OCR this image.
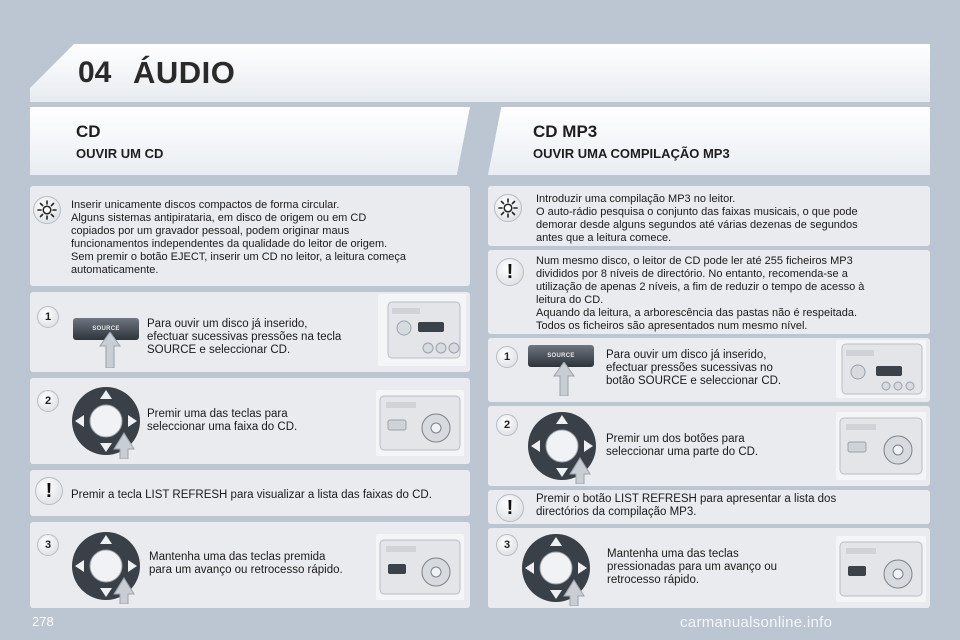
04 ÁUDIO
CD
OUVIR UM CD
CD MP3
OUVIR UMA COMPILAÇÃO MP3
Inserir unicamente discos compactos de forma circular.
Alguns sistemas antipirataria, em disco de origem ou em CD
copiados por um gravador pessoal, podem originar maus
funcionamentos independentes da qualidade do leitor de origem.
Sem premir o botão EJECT, inserir um CD no leitor, a leitura começa
automaticamente.
1
SOURCE	Para ouvir um disco já inserido,
efectuar sucessivas pressões na tecla
SOURCE e seleccionar CD.
2
Premir uma das teclas para
seleccionar uma faixa do CD.
!	Premir a tecla LIST REFRESH para visualizar a lista das faixas do CD.
3
Mantenha uma das teclas premida
para um avanço ou retrocesso rápido.
Introduzir uma compilação MP3 no leitor.
O auto-rádio pesquisa o conjunto das faixas musicais, o que pode
demorar desde alguns segundos até várias dezenas de segundos
antes que a leitura comece.
!	Num mesmo disco, o leitor de CD pode ler até 255 ficheiros MP3
divididos por 8 níveis de directório. No entanto, recomenda-se a
utilização de apenas 2 níveis, a fim de reduzir o tempo de acesso à
leitura do CD.
Aquando da leitura, a arborescência das pastas não é respeitada.
Todos os ficheiros são apresentados num mesmo nível.
1	SOURCE	Para ouvir um disco já inserido,
efectuar pressões sucessivas no
botão SOURCE e seleccionar CD.
2
Premir um dos botões para
seleccionar uma parte do CD.
!	Premir o botão LIST REFRESH para apresentar a lista dos
directórios da compilação MP3.
3
Mantenha uma das teclas
pressionadas para um avanço ou
retrocesso rápido.
278	carmanualsonline.info
